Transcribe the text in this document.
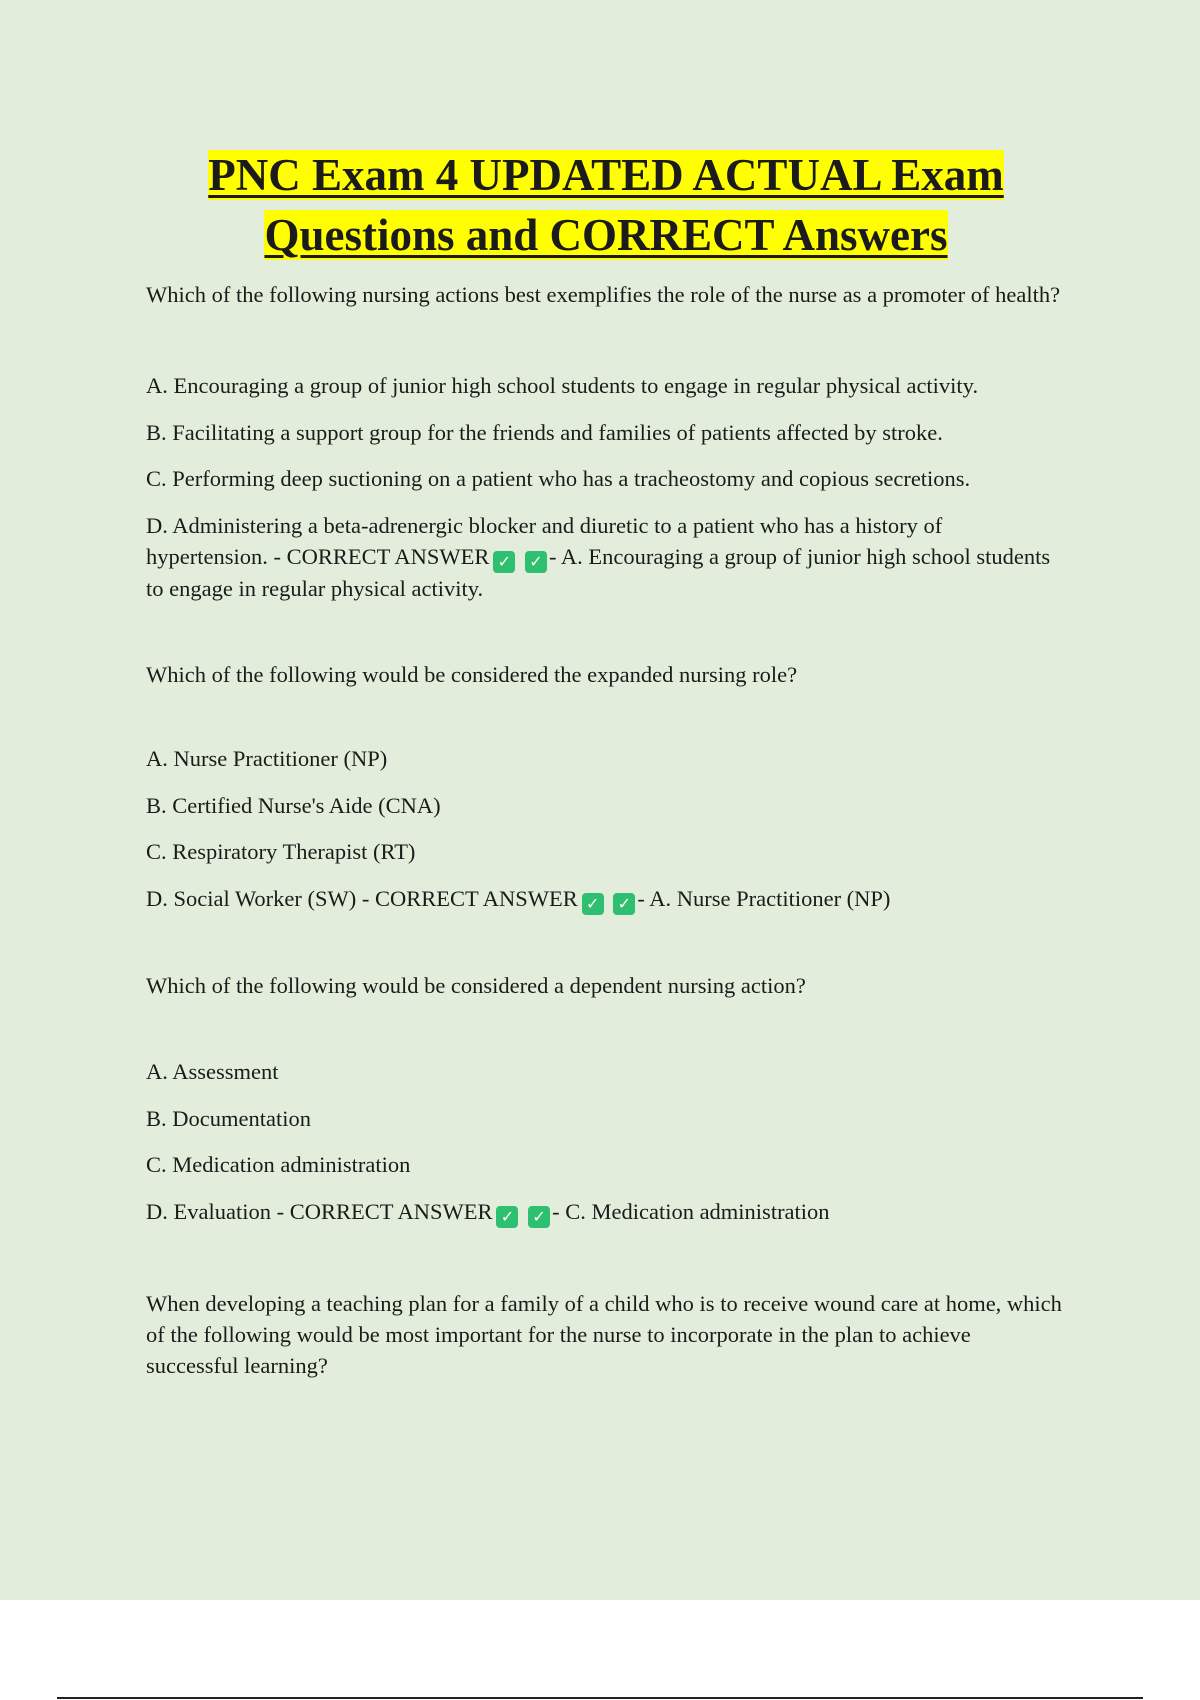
PNC Exam 4 UPDATED ACTUAL Exam
Questions and CORRECT Answers

Which of the following nursing actions best exemplifies the role of the nurse as a promoter of health?

A. Encouraging a group of junior high school students to engage in regular physical activity.

B. Facilitating a support group for the friends and families of patients affected by stroke.

C. Performing deep suctioning on a patient who has a tracheostomy and copious secretions.

D. Administering a beta-adrenergic blocker and diuretic to a patient who has a history of hypertension. - CORRECT ANSWER ✓ ✓ - A. Encouraging a group of junior high school students to engage in regular physical activity.

Which of the following would be considered the expanded nursing role?

A. Nurse Practitioner (NP)

B. Certified Nurse's Aide (CNA)

C. Respiratory Therapist (RT)

D. Social Worker (SW) - CORRECT ANSWER ✓ ✓ - A. Nurse Practitioner (NP)

Which of the following would be considered a dependent nursing action?

A. Assessment

B. Documentation

C. Medication administration

D. Evaluation - CORRECT ANSWER ✓ ✓ - C. Medication administration

When developing a teaching plan for a family of a child who is to receive wound care at home, which of the following would be most important for the nurse to incorporate in the plan to achieve successful learning?
